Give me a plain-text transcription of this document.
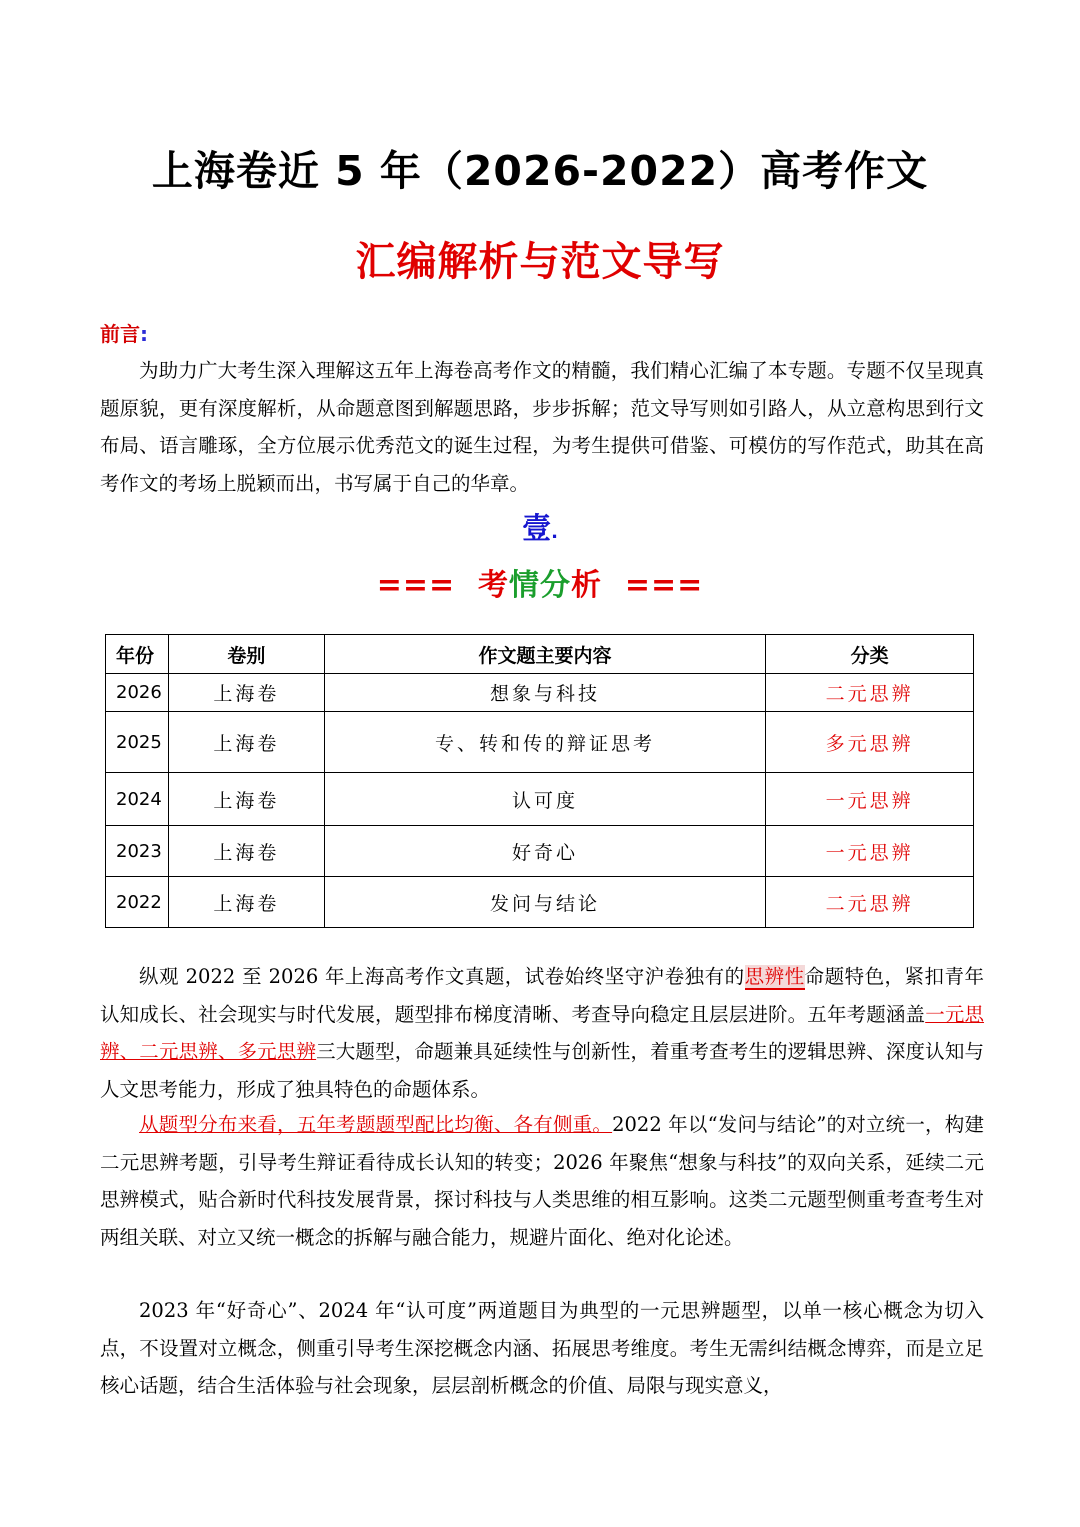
上海卷近 5 年（2026-2022）高考作文
汇编解析与范文导写
前言:

为助力广大考生深入理解这五年上海卷高考作文的精髓，我们精心汇编了本专题。专题不仅呈现真题原貌，更有深度解析，从命题意图到解题思路，步步拆解；范文导写则如引路人，从立意构思到行文布局、语言雕琢，全方位展示优秀范文的诞生过程，为考生提供可借鉴、可模仿的写作范式，助其在高考作文的考场上脱颖而出，书写属于自己的华章。

壹.
=== 考情分析 ===
年份	卷别	作文题主要内容	分类
2026	上海卷	想象与科技	二元思辨
2025	上海卷	专、转和传的辩证思考	多元思辨
2024	上海卷	认可度	一元思辨
2023	上海卷	好奇心	一元思辨
2022	上海卷	发问与结论	二元思辨

纵观 2022 至 2026 年上海高考作文真题，试卷始终坚守沪卷独有的思辨性命题特色，紧扣青年认知成长、社会现实与时代发展，题型排布梯度清晰、考查导向稳定且层层进阶。五年考题涵盖一元思辨、二元思辨、多元思辨三大题型，命题兼具延续性与创新性，着重考查考生的逻辑思辨、深度认知与人文思考能力，形成了独具特色的命题体系。

从题型分布来看，五年考题题型配比均衡、各有侧重。2022 年以“发问与结论”的对立统一，构建二元思辨考题，引导考生辩证看待成长认知的转变；2026 年聚焦“想象与科技”的双向关系，延续二元思辨模式，贴合新时代科技发展背景，探讨科技与人类思维的相互影响。这类二元题型侧重考查考生对两组关联、对立又统一概念的拆解与融合能力，规避片面化、绝对化论述。

2023 年“好奇心”、2024 年“认可度”两道题目为典型的一元思辨题型，以单一核心概念为切入点，不设置对立概念，侧重引导考生深挖概念内涵、拓展思考维度。考生无需纠结概念博弈，而是立足核心话题，结合生活体验与社会现象，层层剖析概念的价值、局限与现实意义，
